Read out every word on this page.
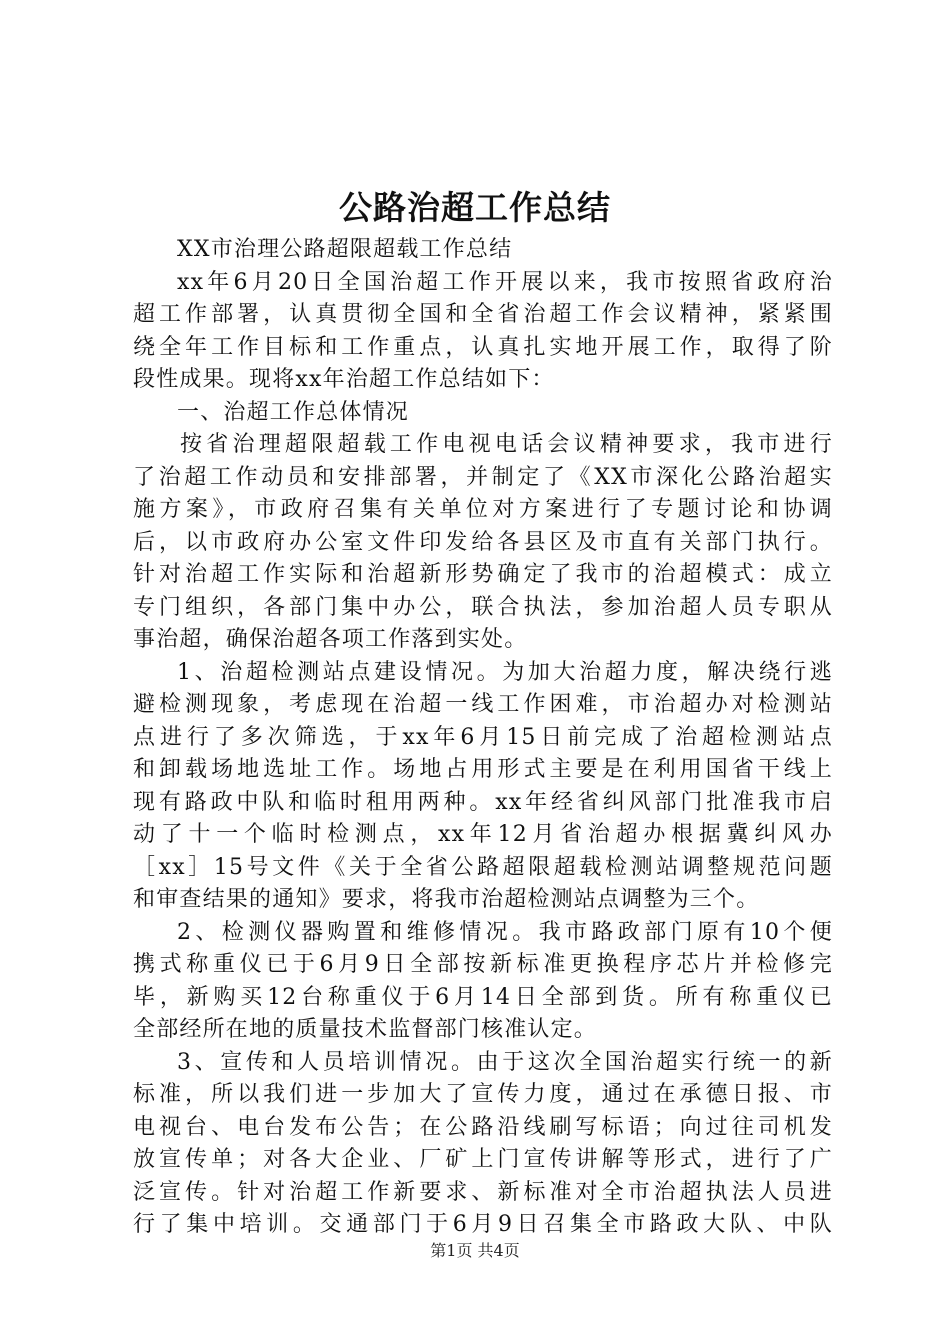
公路治超工作总结
XX市治理公路超限超载工作总结
xx年6月20日全国治超工作开展以来，我市按照省政府治
超工作部署，认真贯彻全国和全省治超工作会议精神，紧紧围
绕全年工作目标和工作重点，认真扎实地开展工作，取得了阶
段性成果。现将xx年治超工作总结如下：
一、治超工作总体情况
按省治理超限超载工作电视电话会议精神要求，我市进行
了治超工作动员和安排部署，并制定了《XX市深化公路治超实
施方案》，市政府召集有关单位对方案进行了专题讨论和协调
后，以市政府办公室文件印发给各县区及市直有关部门执行。
针对治超工作实际和治超新形势确定了我市的治超模式：成立
专门组织，各部门集中办公，联合执法，参加治超人员专职从
事治超，确保治超各项工作落到实处。
1、治超检测站点建设情况。为加大治超力度，解决绕行逃
避检测现象，考虑现在治超一线工作困难，市治超办对检测站
点进行了多次筛选，于xx年6月15日前完成了治超检测站点
和卸载场地选址工作。场地占用形式主要是在利用国省干线上
现有路政中队和临时租用两种。xx年经省纠风部门批准我市启
动了十一个临时检测点，xx年12月省治超办根据冀纠风办
［xx］15号文件《关于全省公路超限超载检测站调整规范问题
和审查结果的通知》要求，将我市治超检测站点调整为三个。
2、检测仪器购置和维修情况。我市路政部门原有10个便
携式称重仪已于6月9日全部按新标准更换程序芯片并检修完
毕，新购买12台称重仪于6月14日全部到货。所有称重仪已
全部经所在地的质量技术监督部门核准认定。
3、宣传和人员培训情况。由于这次全国治超实行统一的新
标准，所以我们进一步加大了宣传力度，通过在承德日报、市
电视台、电台发布公告；在公路沿线刷写标语；向过往司机发
放宣传单；对各大企业、厂矿上门宣传讲解等形式，进行了广
泛宣传。针对治超工作新要求、新标准对全市治超执法人员进
行了集中培训。交通部门于6月9日召集全市路政大队、中队
第1页 共4页
